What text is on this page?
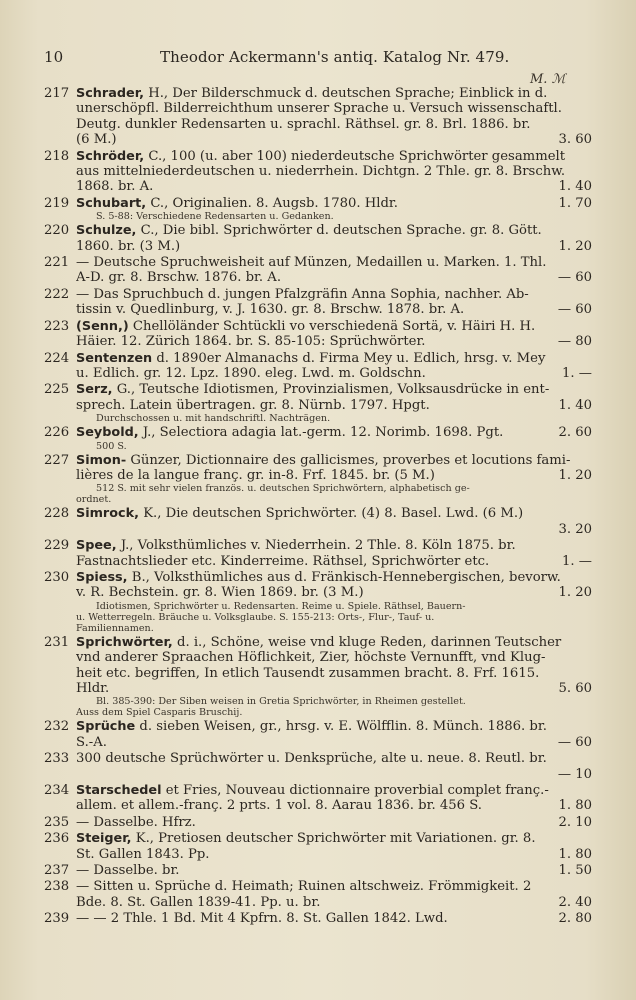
10	Theodor Ackermann's antiq. Katalog Nr. 479.
M. ℳ
217 Schrader, H., Der Bilderschmuck d. deutschen Sprache; Einblick in d.
unerschöpfl. Bilderreichthum unserer Sprache u. Versuch wissenschaftl.
Deutg. dunkler Redensarten u. sprachl. Räthsel. gr. 8. Brl. 1886. br.
(6 M.)	3. 60
218 Schröder, C., 100 (u. aber 100) niederdeutsche Sprichwörter gesammelt
aus mittelniederdeutschen u. niederrhein. Dichtgn. 2 Thle. gr. 8. Brschw.
1868. br. A.	1. 40
219 Schubart, C., Originalien. 8. Augsb. 1780. Hldr.	1. 70
S. 5-88: Verschiedene Redensarten u. Gedanken.
220 Schulze, C., Die bibl. Sprichwörter d. deutschen Sprache. gr. 8. Gött.
1860. br. (3 M.)	1. 20
221 — Deutsche Spruchweisheit auf Münzen, Medaillen u. Marken. 1. Thl.
A-D. gr. 8. Brschw. 1876. br. A.	— 60
222 — Das Spruchbuch d. jungen Pfalzgräfin Anna Sophia, nachher. Ab-
tissin v. Quedlinburg, v. J. 1630. gr. 8. Brschw. 1878. br. A.	— 60
223 (Senn,) Chellöländer Schtückli vo verschiedenä Sortä, v. Häiri H. H.
Häier. 12. Zürich 1864. br. S. 85-105: Sprüchwörter.	— 80
224 Sentenzen d. 1890er Almanachs d. Firma Mey u. Edlich, hrsg. v. Mey
u. Edlich. gr. 12. Lpz. 1890. eleg. Lwd. m. Goldschn.	1. —
225 Serz, G., Teutsche Idiotismen, Provinzialismen, Volksausdrücke in ent-
sprech. Latein übertragen. gr. 8. Nürnb. 1797. Hpgt.	1. 40
Durchschossen u. mit handschriftl. Nachträgen.
226 Seybold, J., Selectiora adagia lat.-germ. 12. Norimb. 1698. Pgt.	2. 60
500 S.
227 Simon- Günzer, Dictionnaire des gallicismes, proverbes et locutions fami-
lières de la langue franç. gr. in-8. Frf. 1845. br. (5 M.)	1. 20
512 S. mit sehr vielen französ. u. deutschen Sprichwörtern, alphabetisch ge-
ordnet.
228 Simrock, K., Die deutschen Sprichwörter. (4) 8. Basel. Lwd. (6 M.)
3. 20
229 Spee, J., Volksthümliches v. Niederrhein. 2 Thle. 8. Köln 1875. br.
Fastnachtslieder etc. Kinderreime. Räthsel, Sprichwörter etc.	1. —
230 Spiess, B., Volksthümliches aus d. Fränkisch-Hennebergischen, bevorw.
v. R. Bechstein. gr. 8. Wien 1869. br. (3 M.)	1. 20
Idiotismen, Sprichwörter u. Redensarten. Reime u. Spiele. Räthsel, Bauern-
u. Wetterregeln. Bräuche u. Volksglaube. S. 155-213: Orts-, Flur-, Tauf- u.
Familiennamen.
231 Sprichwörter, d. i., Schöne, weise vnd kluge Reden, darinnen Teutscher
vnd anderer Spraachen Höflichkeit, Zier, höchste Vernunfft, vnd Klug-
heit etc. begriffen, In etlich Tausendt zusammen bracht. 8. Frf. 1615.
Hldr.	5. 60
Bl. 385-390: Der Siben weisen in Gretia Sprichwörter, in Rheimen gestellet.
Auss dem Spiel Casparis Bruschij.
232 Sprüche d. sieben Weisen, gr., hrsg. v. E. Wölfflin. 8. Münch. 1886. br.
S.-A.	— 60
233 300 deutsche Sprüchwörter u. Denksprüche, alte u. neue. 8. Reutl. br.
— 10
234 Starschedel et Fries, Nouveau dictionnaire proverbial complet franç.-
allem. et allem.-franç. 2 prts. 1 vol. 8. Aarau 1836. br. 456 S.	1. 80
235 — Dasselbe. Hfrz.	2. 10
236 Steiger, K., Pretiosen deutscher Sprichwörter mit Variationen. gr. 8.
St. Gallen 1843. Pp.	1. 80
237 — Dasselbe. br.	1. 50
238 — Sitten u. Sprüche d. Heimath; Ruinen altschweiz. Frömmigkeit. 2
Bde. 8. St. Gallen 1839-41. Pp. u. br.	2. 40
239 — — 2 Thle. 1 Bd. Mit 4 Kpfrn. 8. St. Gallen 1842. Lwd.	2. 80
